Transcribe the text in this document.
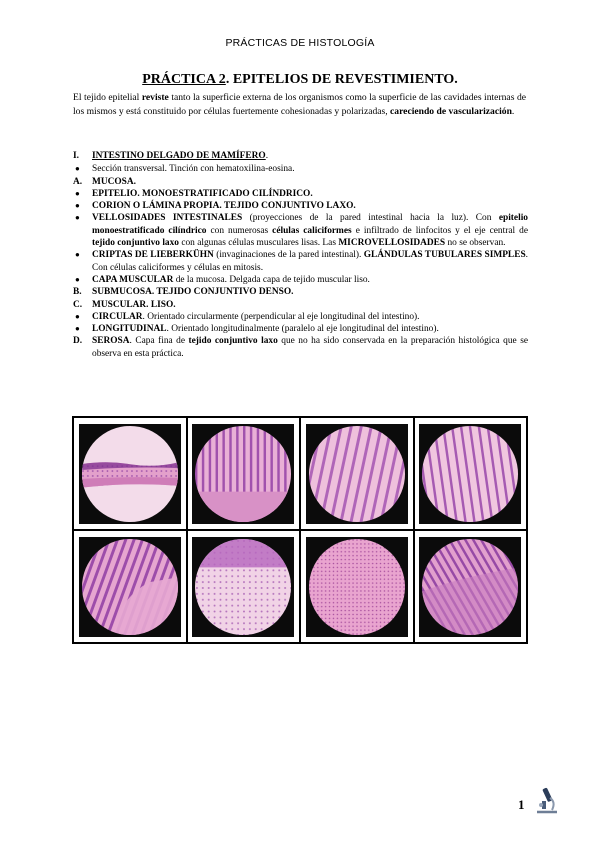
PRÁCTICAS DE HISTOLOGÍA
PRÁCTICA 2. EPITELIOS DE REVESTIMIENTO.
El tejido epitelial reviste tanto la superficie externa de los organismos como la superficie de las cavidades internas de los mismos y está constituido por células fuertemente cohesionadas y polarizadas, careciendo de vascularización.
I.	INTESTINO DELGADO DE MAMÍFERO.
●	Sección transversal. Tinción con hematoxilina-eosina.
A.	MUCOSA.
●	EPITELIO. MONOESTRATIFICADO CILÍNDRICO.
●	CORION O LÁMINA PROPIA. TEJIDO CONJUNTIVO LAXO.
●	VELLOSIDADES INTESTINALES (proyecciones de la pared intestinal hacia la luz). Con epitelio monoestratificado cilíndrico con numerosas células caliciformes e infiltrado de linfocitos y el eje central de tejido conjuntivo laxo con algunas células musculares lisas. Las MICROVELLOSIDADES no se observan.
●	CRIPTAS DE LIEBERKÜHN (invaginaciones de la pared intestinal). GLÁNDULAS TUBULARES SIMPLES. Con células caliciformes y células en mitosis.
●	CAPA MUSCULAR de la mucosa. Delgada capa de tejido muscular liso.
B.	SUBMUCOSA. TEJIDO CONJUNTIVO DENSO.
C.	MUSCULAR. LISO.
●	CIRCULAR. Orientado circularmente (perpendicular al eje longitudinal del intestino).
●	LONGITUDINAL. Orientado longitudinalmente (paralelo al eje longitudinal del intestino).
D.	SEROSA. Capa fina de tejido conjuntivo laxo que no ha sido conservada en la preparación histológica que se observa en esta práctica.
1
